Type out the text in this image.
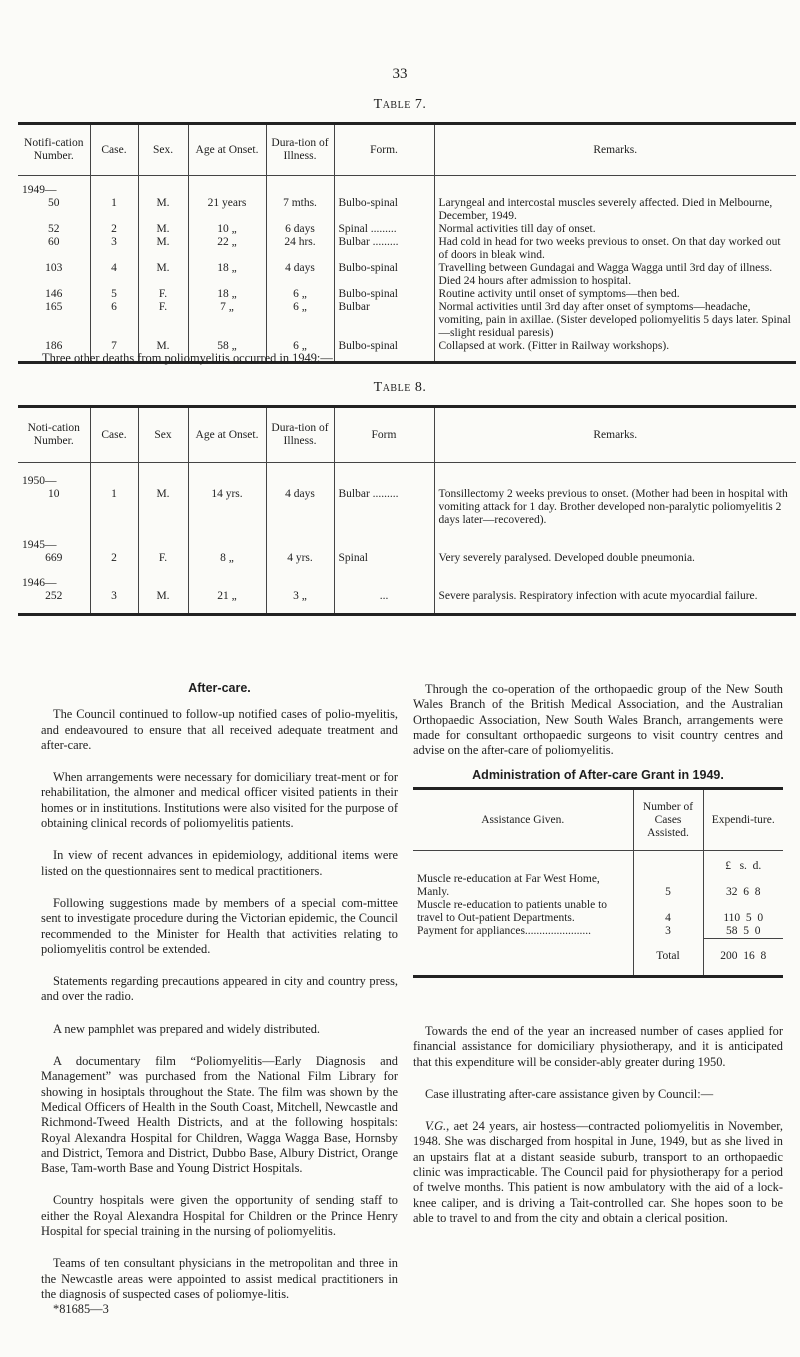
33
Table 7.
Notifi-cation Number.	Case.	Sex.	Age at Onset.	Dura-tion of Illness.	Form.	Remarks.
1949—						
50	1	M.	21 years	7 mths.	Bulbo-spinal	Laryngeal and intercostal muscles severely affected. Died in Melbourne, December, 1949.
52	2	M.	10 „	6 days	Spinal .........	Normal activities till day of onset.
60	3	M.	22 „	24 hrs.	Bulbar .........	Had cold in head for two weeks previous to onset. On that day worked out of doors in bleak wind.
103	4	M.	18 „	4 days	Bulbo-spinal	Travelling between Gundagai and Wagga Wagga until 3rd day of illness. Died 24 hours after admission to hospital.
146	5	F.	18 „	6 „	Bulbo-spinal	Routine activity until onset of symptoms—then bed.
165	6	F.	7 „	6 „	Bulbar	Normal activities until 3rd day after onset of symptoms—headache, vomiting, pain in axillae. (Sister developed poliomyelitis 5 days later. Spinal—slight residual paresis)
186	7	M.	58 „	6 „	Bulbo-spinal	Collapsed at work. (Fitter in Railway workshops).
Three other deaths from poliomyelitis occurred in 1949:—
Table 8.
Noti-cation Number.	Case.	Sex	Age at Onset.	Dura-tion of Illness.	Form	Remarks.
1950—						
10	1	M.	14 yrs.	4 days	Bulbar .........	Tonsillectomy 2 weeks previous to onset. (Mother had been in hospital with vomiting attack for 1 day. Brother developed non-paralytic poliomyelitis 2 days later—recovered).
1945—						
669	2	F.	8 „	4 yrs.	Spinal	Very severely paralysed. Developed double pneumonia.
1946—						
252	3	M.	21 „	3 „	...	Severe paralysis. Respiratory infection with acute myocardial failure.
After-care.

The Council continued to follow-up notified cases of polio-myelitis, and endeavoured to ensure that all received adequate treatment and after-care.

When arrangements were necessary for domiciliary treat-ment or for rehabilitation, the almoner and medical officer visited patients in their homes or in institutions. Institutions were also visited for the purpose of obtaining clinical records of poliomyelitis patients.

In view of recent advances in epidemiology, additional items were listed on the questionnaires sent to medical practitioners.

Following suggestions made by members of a special com-mittee sent to investigate procedure during the Victorian epidemic, the Council recommended to the Minister for Health that activities relating to poliomyelitis control be extended.

Statements regarding precautions appeared in city and country press, and over the radio.

A new pamphlet was prepared and widely distributed.

A documentary film “Poliomyelitis—Early Diagnosis and Management” was purchased from the National Film Library for showing in hosiptals throughout the State. The film was shown by the Medical Officers of Health in the South Coast, Mitchell, Newcastle and Richmond-Tweed Health Districts, and at the following hospitals: Royal Alexandra Hospital for Children, Wagga Wagga Base, Hornsby and District, Temora and District, Dubbo Base, Albury District, Orange Base, Tam-worth Base and Young District Hospitals.

Country hospitals were given the opportunity of sending staff to either the Royal Alexandra Hospital for Children or the Prince Henry Hospital for special training in the nursing of poliomyelitis.

Teams of ten consultant physicians in the metropolitan and three in the Newcastle areas were appointed to assist medical practitioners in the diagnosis of suspected cases of poliomye-litis.

*81685—3

Through the co-operation of the orthopaedic group of the New South Wales Branch of the British Medical Association, and the Australian Orthopaedic Association, New South Wales Branch, arrangements were made for consultant orthopaedic surgeons to visit country centres and advise on the after-care of poliomyelitis.

Administration of After-care Grant in 1949.
Assistance Given.	Number of Cases Assisted.	Expendi-ture.
		£ s. d.
Muscle re-education at Far West Home, Manly.	5	32 6 8
Muscle re-education to patients unable to travel to Out-patient Departments.	4	110 5 0
Payment for appliances.......................	3	58 5 0
	Total	200 16 8

Towards the end of the year an increased number of cases applied for financial assistance for domiciliary physiotherapy, and it is anticipated that this expenditure will be consider-ably greater during 1950.

Case illustrating after-care assistance given by Council:—

V.G., aet 24 years, air hostess—contracted poliomyelitis in November, 1948. She was discharged from hospital in June, 1949, but as she lived in an upstairs flat at a distant seaside suburb, transport to an orthopaedic clinic was impracticable. The Council paid for physiotherapy for a period of twelve months. This patient is now ambulatory with the aid of a lock-knee caliper, and is driving a Tait-controlled car. She hopes soon to be able to travel to and from the city and obtain a clerical position.
